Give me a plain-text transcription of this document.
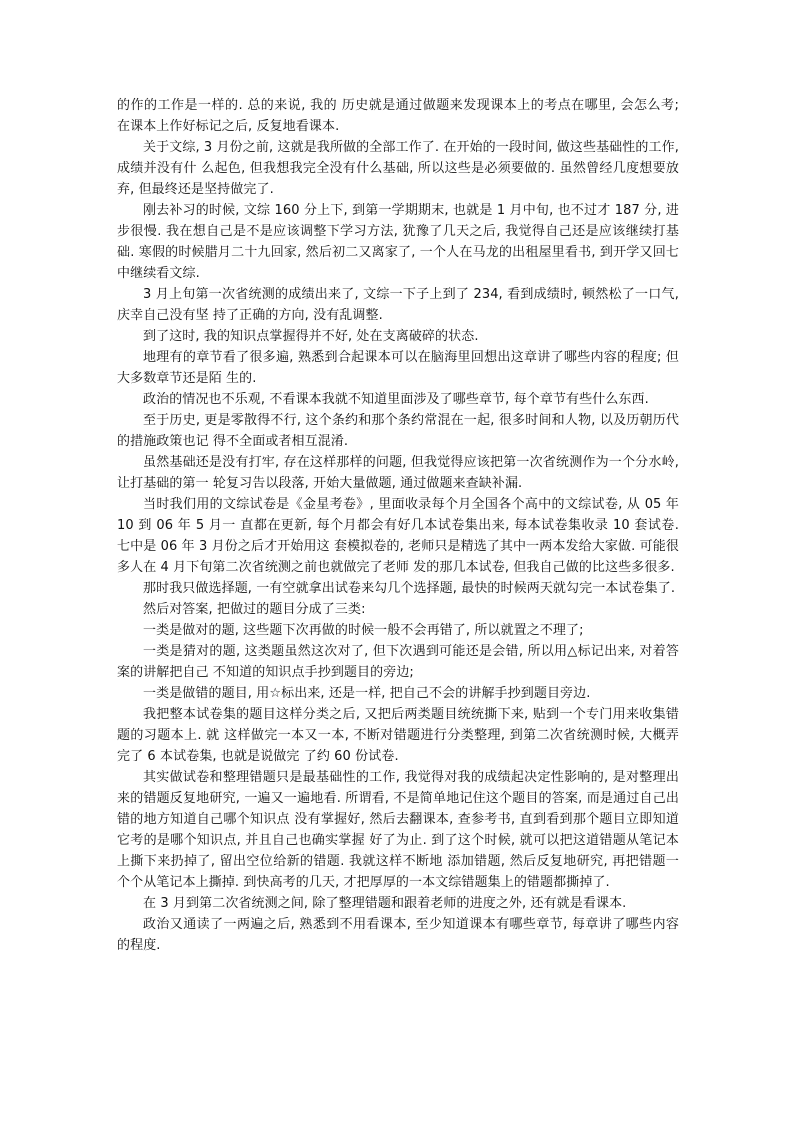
的作的工作是一样的. 总的来说, 我的 历史就是通过做题来发现课本上的考点在哪里, 会怎么考; 在课本上作好标记之后, 反复地看课本.

关于文综, 3 月份之前, 这就是我所做的全部工作了. 在开始的一段时间, 做这些基础性的工作, 成绩并没有什 么起色, 但我想我完全没有什么基础, 所以这些是必须要做的. 虽然曾经几度想要放弃, 但最终还是坚持做完了.

刚去补习的时候, 文综 160 分上下, 到第一学期期末, 也就是 1 月中旬, 也不过才 187 分, 进步很慢. 我在想自己是不是应该调整下学习方法, 犹豫了几天之后, 我觉得自己还是应该继续打基础. 寒假的时候腊月二十九回家, 然后初二又离家了, 一个人在马龙的出租屋里看书, 到开学又回七中继续看文综.

3 月上旬第一次省统测的成绩出来了, 文综一下子上到了 234, 看到成绩时, 顿然松了一口气, 庆幸自己没有坚 持了正确的方向, 没有乱调整.

到了这时, 我的知识点掌握得并不好, 处在支离破碎的状态.

地理有的章节看了很多遍, 熟悉到合起课本可以在脑海里回想出这章讲了哪些内容的程度; 但大多数章节还是陌 生的.

政治的情况也不乐观, 不看课本我就不知道里面涉及了哪些章节, 每个章节有些什么东西.

至于历史, 更是零散得不行, 这个条约和那个条约常混在一起, 很多时间和人物, 以及历朝历代的措施政策也记 得不全面或者相互混淆.

虽然基础还是没有打牢, 存在这样那样的问题, 但我觉得应该把第一次省统测作为一个分水岭, 让打基础的第一 轮复习告以段落, 开始大量做题, 通过做题来查缺补漏.

当时我们用的文综试卷是《金星考卷》, 里面收录每个月全国各个高中的文综试卷, 从 05 年 10 到 06 年 5 月一 直都在更新, 每个月都会有好几本试卷集出来, 每本试卷集收录 10 套试卷. 七中是 06 年 3 月份之后才开始用这 套模拟卷的, 老师只是精选了其中一两本发给大家做. 可能很多人在 4 月下旬第二次省统测之前也就做完了老师 发的那几本试卷, 但我自己做的比这些多很多.

那时我只做选择题, 一有空就拿出试卷来勾几个选择题, 最快的时候两天就勾完一本试卷集了.

然后对答案, 把做过的题目分成了三类:

一类是做对的题, 这些题下次再做的时候一般不会再错了, 所以就置之不理了;

一类是猜对的题, 这类题虽然这次对了, 但下次遇到可能还是会错, 所以用△标记出来, 对着答案的讲解把自己 不知道的知识点手抄到题目的旁边;

一类是做错的题目, 用☆标出来, 还是一样, 把自己不会的讲解手抄到题目旁边.

我把整本试卷集的题目这样分类之后, 又把后两类题目统统撕下来, 贴到一个专门用来收集错题的习题本上. 就 这样做完一本又一本, 不断对错题进行分类整理, 到第二次省统测时候, 大概弄完了 6 本试卷集, 也就是说做完 了约 60 份试卷.

其实做试卷和整理错题只是最基础性的工作, 我觉得对我的成绩起决定性影响的, 是对整理出来的错题反复地研究, 一遍又一遍地看. 所谓看, 不是简单地记住这个题目的答案, 而是通过自己出错的地方知道自己哪个知识点 没有掌握好, 然后去翻课本, 查参考书, 直到看到那个题目立即知道它考的是哪个知识点, 并且自己也确实掌握 好了为止. 到了这个时候, 就可以把这道错题从笔记本上撕下来扔掉了, 留出空位给新的错题. 我就这样不断地 添加错题, 然后反复地研究, 再把错题一个个从笔记本上撕掉. 到快高考的几天, 才把厚厚的一本文综错题集上的错题都撕掉了.

在 3 月到第二次省统测之间, 除了整理错题和跟着老师的进度之外, 还有就是看课本.

政治又通读了一两遍之后, 熟悉到不用看课本, 至少知道课本有哪些章节, 每章讲了哪些内容的程度.
